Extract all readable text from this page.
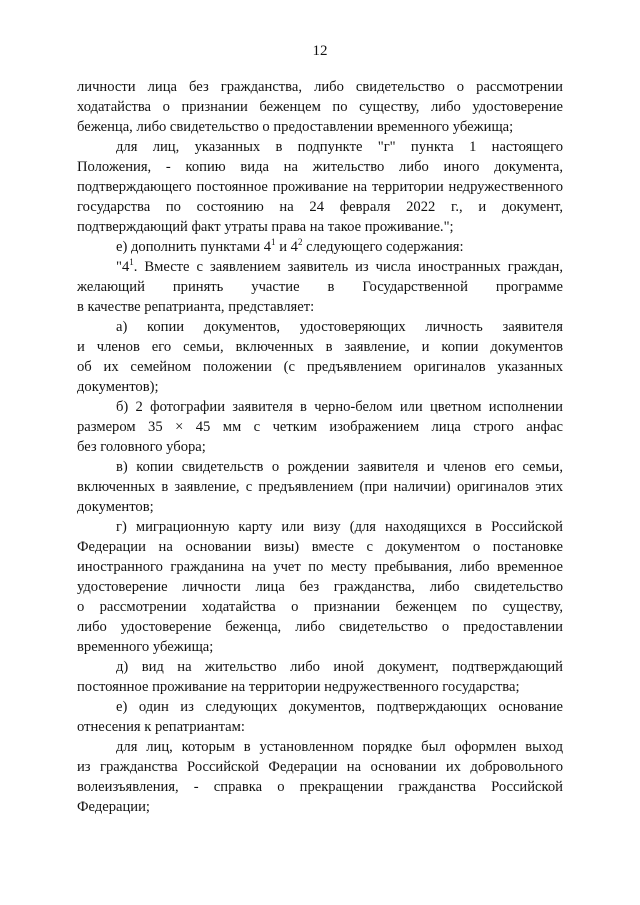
12
личности лица без гражданства, либо свидетельство о рассмотрении
ходатайства о признании беженцем по существу, либо удостоверение
беженца, либо свидетельство о предоставлении временного убежища;
для лиц, указанных в подпункте "г" пункта 1 настоящего
Положения, - копию вида на жительство либо иного документа,
подтверждающего постоянное проживание на территории недружественного
государства по состоянию на 24 февраля 2022 г., и документ,
подтверждающий факт утраты права на такое проживание.";
е) дополнить пунктами $4^1$ и $4^2$ следующего содержания:
"$4^1$. Вместе с заявлением заявитель из числа иностранных граждан,
желающий принять участие в Государственной программе
в качестве репатрианта, представляет:
а) копии документов, удостоверяющих личность заявителя
и членов его семьи, включенных в заявление, и копии документов
об их семейном положении (с предъявлением оригиналов указанных
документов);
б) 2 фотографии заявителя в черно-белом или цветном исполнении
размером 35 × 45 мм с четким изображением лица строго анфас
без головного убора;
в) копии свидетельств о рождении заявителя и членов его семьи,
включенных в заявление, с предъявлением (при наличии) оригиналов этих
документов;
г) миграционную карту или визу (для находящихся в Российской
Федерации на основании визы) вместе с документом о постановке
иностранного гражданина на учет по месту пребывания, либо временное
удостоверение личности лица без гражданства, либо свидетельство
о рассмотрении ходатайства о признании беженцем по существу,
либо удостоверение беженца, либо свидетельство о предоставлении
временного убежища;
д) вид на жительство либо иной документ, подтверждающий
постоянное проживание на территории недружественного государства;
е) один из следующих документов, подтверждающих основание
отнесения к репатриантам:
для лиц, которым в установленном порядке был оформлен выход
из гражданства Российской Федерации на основании их добровольного
волеизъявления, - справка о прекращении гражданства Российской
Федерации;
